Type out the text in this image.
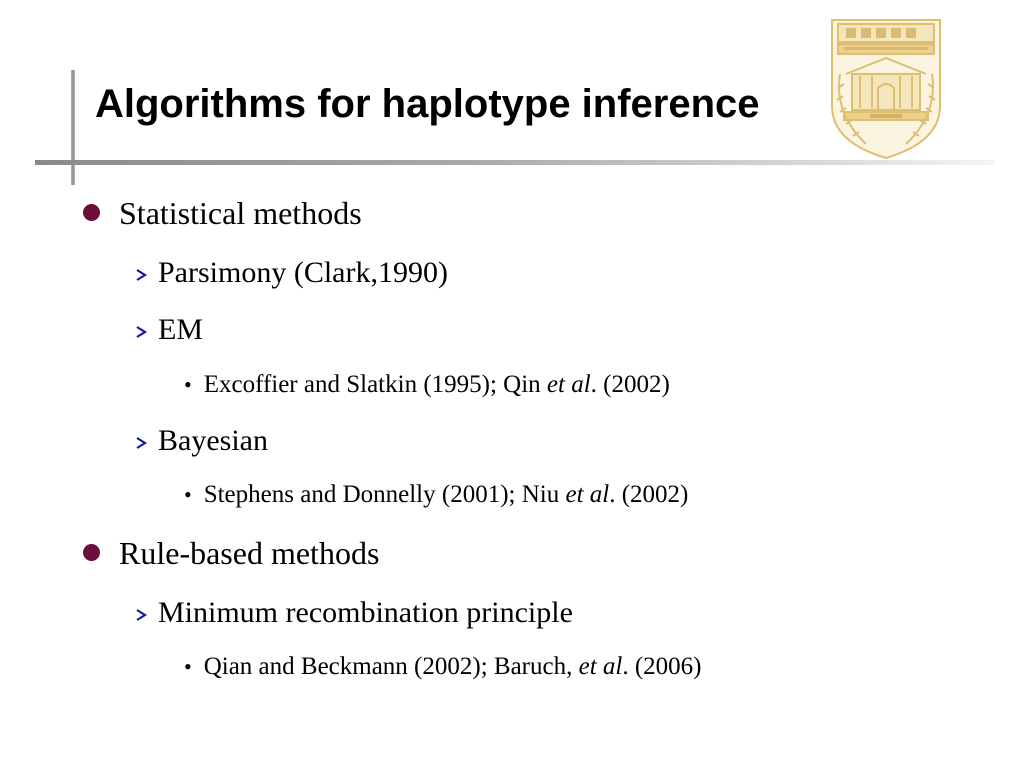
Algorithms for haplotype inference
Statistical methods
Parsimony (Clark,1990)
EM
• Excoffier and Slatkin (1995); Qin et al. (2002)
Bayesian
• Stephens and Donnelly (2001); Niu et al. (2002)
Rule-based methods
Minimum recombination principle
• Qian and Beckmann (2002); Baruch, et al. (2006)
